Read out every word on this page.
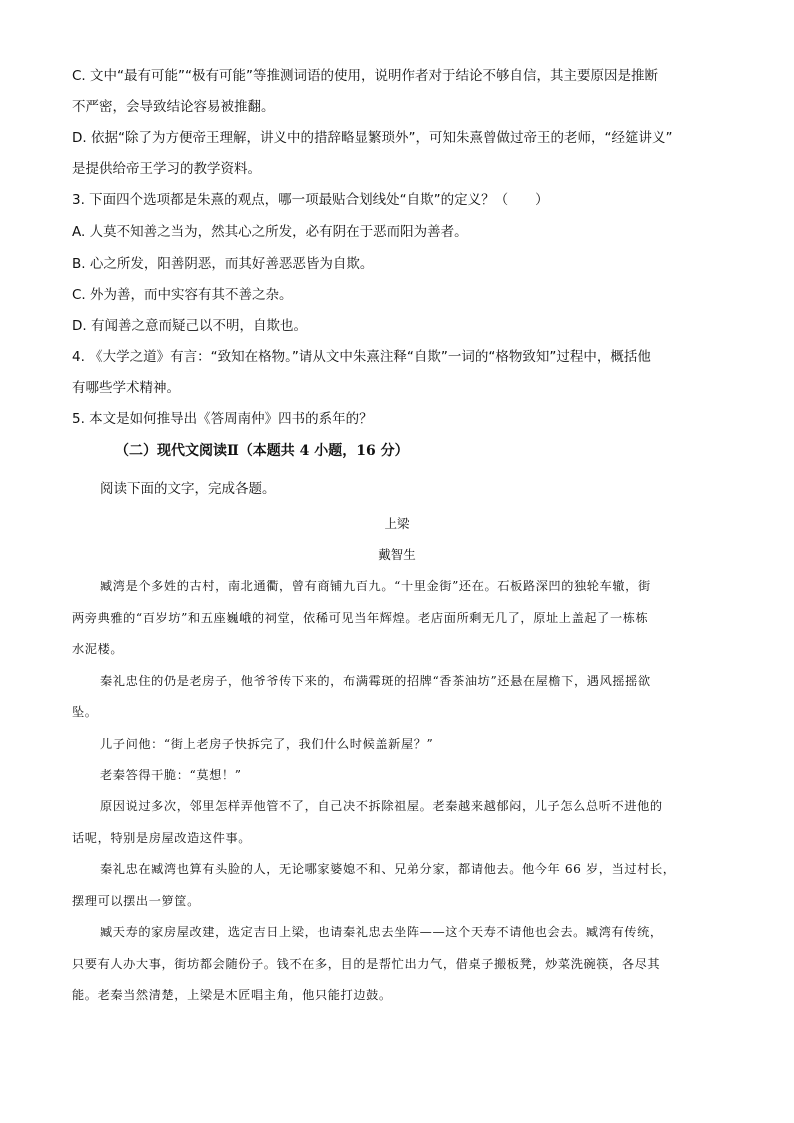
C. 文中“最有可能”“极有可能”等推测词语的使用，说明作者对于结论不够自信，其主要原因是推断
不严密，会导致结论容易被推翻。
D. 依据“除了为方便帝王理解，讲义中的措辞略显繁琐外”，可知朱熹曾做过帝王的老师，“经筵讲义”
是提供给帝王学习的教学资料。
3. 下面四个选项都是朱熹的观点，哪一项最贴合划线处“自欺”的定义？（　　）
A. 人莫不知善之当为，然其心之所发，必有阴在于恶而阳为善者。
B. 心之所发，阳善阴恶，而其好善恶恶皆为自欺。
C. 外为善，而中实容有其不善之杂。
D. 有闻善之意而疑己以不明，自欺也。
4. 《大学之道》有言：“致知在格物。”请从文中朱熹注释“自欺”一词的“格物致知”过程中，概括他
有哪些学术精神。
5. 本文是如何推导出《答周南仲》四书的系年的？
（二）现代文阅读Ⅱ（本题共 4 小题，16 分）
阅读下面的文字，完成各题。
上梁
戴智生
臧湾是个多姓的古村，南北通衢，曾有商铺九百九。“十里金街”还在。石板路深凹的独轮车辙，街
两旁典雅的“百岁坊”和五座巍峨的祠堂，依稀可见当年辉煌。老店面所剩无几了，原址上盖起了一栋栋
水泥楼。
秦礼忠住的仍是老房子，他爷爷传下来的，布满霉斑的招牌“香茶油坊”还悬在屋檐下，遇风摇摇欲
坠。
儿子问他：“街上老房子快拆完了，我们什么时候盖新屋？”
老秦答得干脆：“莫想！”
原因说过多次，邻里怎样弄他管不了，自己决不拆除祖屋。老秦越来越郁闷，儿子怎么总听不进他的
话呢，特别是房屋改造这件事。
秦礼忠在臧湾也算有头脸的人，无论哪家婆媳不和、兄弟分家，都请他去。他今年 66 岁，当过村长，
摆理可以摆出一箩筐。
臧天寿的家房屋改建，选定吉日上梁，也请秦礼忠去坐阵——这个天寿不请他也会去。臧湾有传统，
只要有人办大事，街坊都会随份子。钱不在多，目的是帮忙出力气，借桌子搬板凳，炒菜洗碗筷，各尽其
能。老秦当然清楚，上梁是木匠唱主角，他只能打边鼓。
